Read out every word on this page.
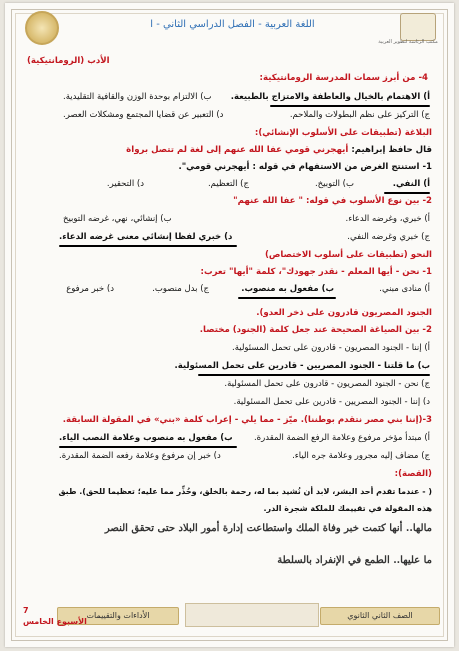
اللغة العربية - الفصل الدراسي الثاني - ا
مكتب الرئاسة لتطوير العربية
الأدب (الرومانتيكية)
4- من أبرز سمات المدرسة الرومانتيكية:
أ) الاهتمام بالخيال والعاطفة والامتزاج بالطبيعة.
ب) الالتزام بوحدة الوزن والقافية التقليدية.
ج) التركيز على نظم البطولات والملاحم.
د) التعبير عن قضايا المجتمع ومشكلات العصر.
البلاغة (تطبيقات على الأسلوب الإنشائي):
قال حافظ إبراهيم: أيهجرني قومي عفا الله عنهم إلى لغة لم تتصل برواة
1- استنتج الغرض من الاستفهام في قوله : أيهجرني قومي".
أ) النفي.
ب) التوبيخ.
ج) التعظيم.
د) التحقير.
2- بين نوع الأسلوب في قوله: " عفا الله عنهم"
أ) خبري، وغرضه الدعاء.
ب) إنشائي، نهي، غرضه التوبيخ
ج) خبري وغرضه النفي.
د) خبري لفظا إنشائي معنى غرضه الدعاء.
النحو (تطبيقات على أسلوب الاختصاص)
1- نحن - أيها المعلم - نقدر جهودك"، كلمة "أيها" تعرب:
أ) منادى مبني.
ب) مفعول به منصوب.
ج) بدل منصوب.
د) خبر مرفوع
الجنود المصريون قادرون على ذخر العدو).
2- بين الصياغة الصحيحة عند جعل كلمة (الجنود) مختصا.
أ) إننا - الجنود المصريون - قادرون على تحمل المسئولية.
ب) ما قلتنا - الجنود المصريين - قادرين على تحمل المسئولية.
ج) نحن - الجنود المصريون - قادرون على تحمل المسئولية.
د) إننا - الجنود المصريين - قادرين على تحمل المسئولية.
3-(إننا بني مصر نتقدم بوطننا). ميّز - مما يلي - إعراب كلمة «بني» في المقولة السابقة.
أ) مبتدأ مؤخر مرفوع وعلامة الرفع الضمة المقدرة.
ب) مفعول به منصوب وعلامة النصب الياء.
ج) مضاف إليه مجرور وعلامة جره الياء.
د) خبر إن مرفوع وعلامة رفعه الضمة المقدرة.
(القصة):
( - عندما تقدم أحد البشر، لابد أن نُشيد بما له، رحمة بالخلق، وحُذِّر مما عليه؛ تعظيما للحق). طبق
هذه المقولة في تقييمك للملكة شجرة الدر.
مالها.. أنها كتمت خبر وفاة الملك واستطاعت إدارة أمور البلاد حتى تحقق النصر
ما عليها.. الطمع في الإنفراد بالسلطة
الأداءات والتقييمات	الصف الثاني الثانوي
7
الأسبوع الخامس
